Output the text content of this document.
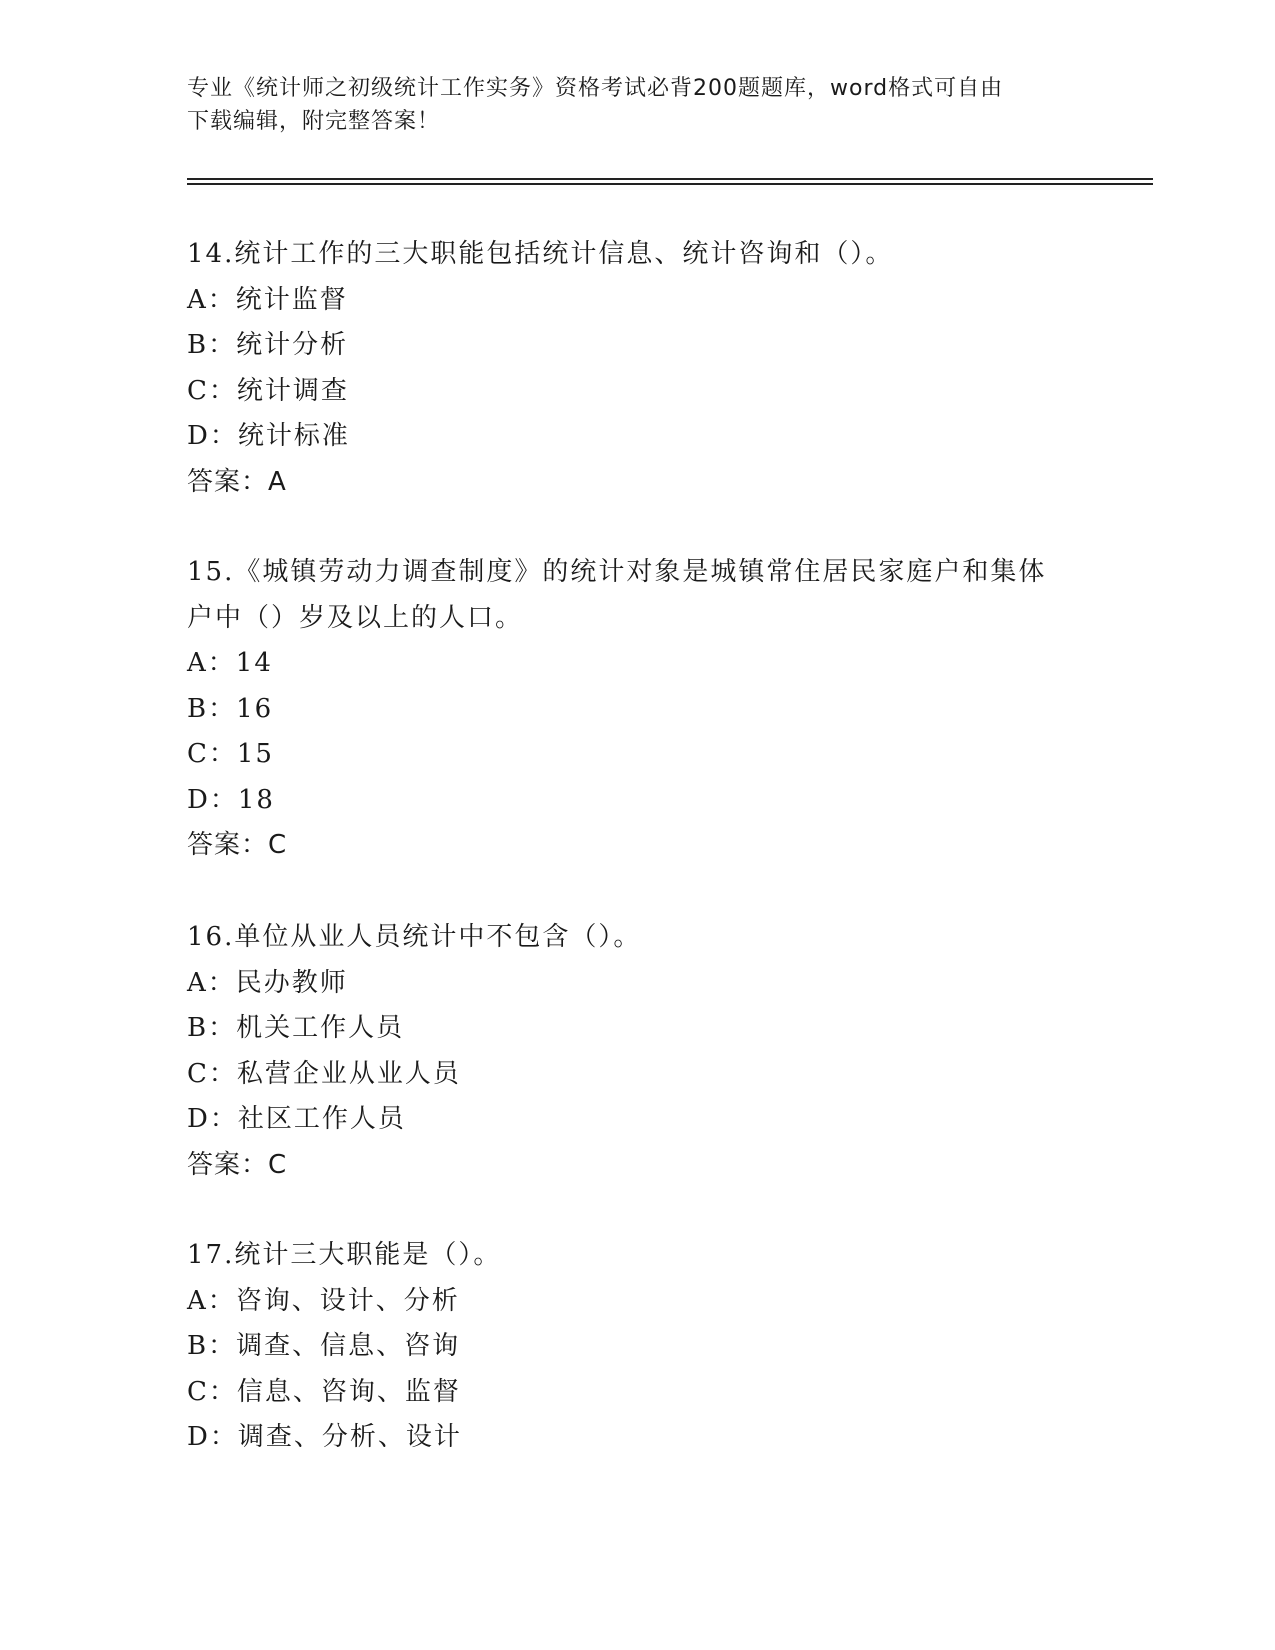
专业《统计师之初级统计工作实务》资格考试必背200题题库，word格式可自由
下载编辑，附完整答案！
14.统计工作的三大职能包括统计信息、统计咨询和（）。
A：统计监督
B：统计分析
C：统计调查
D：统计标准
答案：A
15.《城镇劳动力调查制度》的统计对象是城镇常住居民家庭户和集体
户中（）岁及以上的人口。
A：14
B：16
C：15
D：18
答案：C
16.单位从业人员统计中不包含（）。
A：民办教师
B：机关工作人员
C：私营企业从业人员
D：社区工作人员
答案：C
17.统计三大职能是（）。
A：咨询、设计、分析
B：调查、信息、咨询
C：信息、咨询、监督
D：调查、分析、设计
